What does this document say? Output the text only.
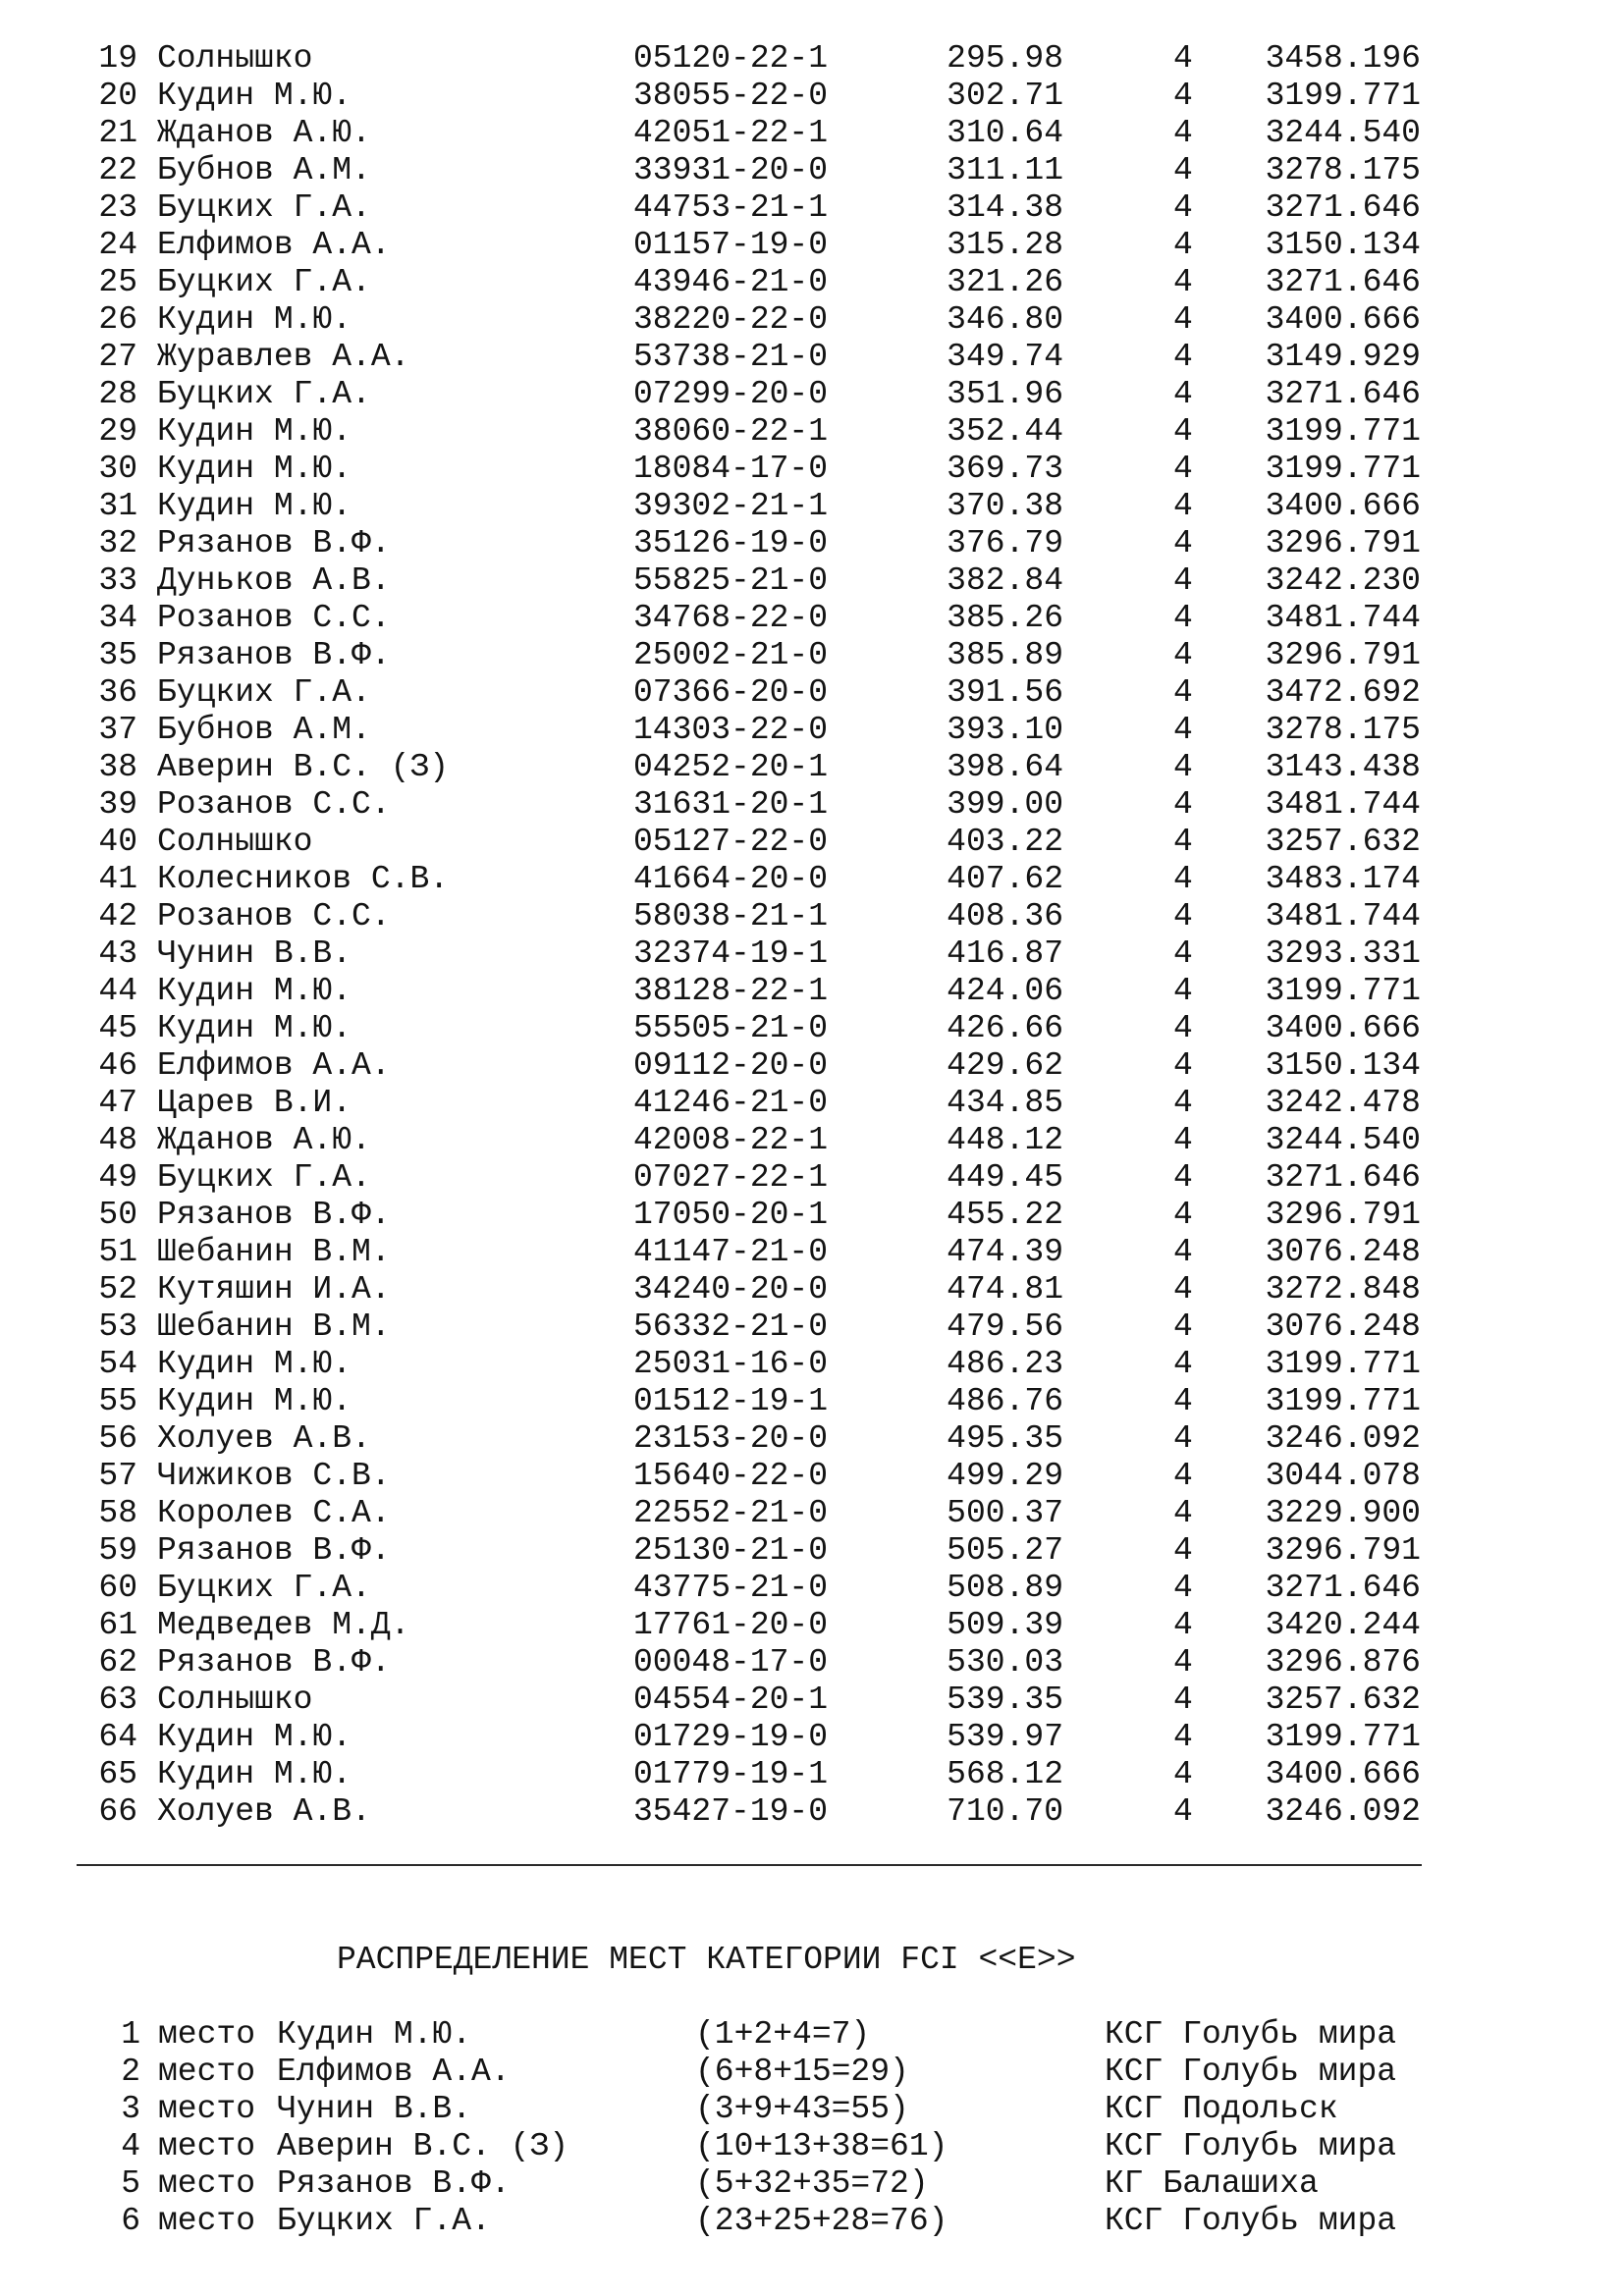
19 Солнышко	05120-22-1	295.98	4 3458.196
20 Кудин М.Ю.	38055-22-0	302.71	4 3199.771
21 Жданов А.Ю.	42051-22-1	310.64	4 3244.540
22 Бубнов А.М.	33931-20-0	311.11	4 3278.175
23 Буцких Г.А.	44753-21-1	314.38	4 3271.646
24 Елфимов А.А.	01157-19-0	315.28	4 3150.134
25 Буцких Г.А.	43946-21-0	321.26	4 3271.646
26 Кудин М.Ю.	38220-22-0	346.80	4 3400.666
27 Журавлев А.А.	53738-21-0	349.74	4 3149.929
28 Буцких Г.А.	07299-20-0	351.96	4 3271.646
29 Кудин М.Ю.	38060-22-1	352.44	4 3199.771
30 Кудин М.Ю.	18084-17-0	369.73	4 3199.771
31 Кудин М.Ю.	39302-21-1	370.38	4 3400.666
32 Рязанов В.Ф.	35126-19-0	376.79	4 3296.791
33 Дуньков А.В.	55825-21-0	382.84	4 3242.230
34 Розанов С.С.	34768-22-0	385.26	4 3481.744
35 Рязанов В.Ф.	25002-21-0	385.89	4 3296.791
36 Буцких Г.А.	07366-20-0	391.56	4 3472.692
37 Бубнов А.М.	14303-22-0	393.10	4 3278.175
38 Аверин В.С. (З)	04252-20-1	398.64	4 3143.438
39 Розанов С.С.	31631-20-1	399.00	4 3481.744
40 Солнышко	05127-22-0	403.22	4 3257.632
41 Колесников С.В.	41664-20-0	407.62	4 3483.174
42 Розанов С.С.	58038-21-1	408.36	4 3481.744
43 Чунин В.В.	32374-19-1	416.87	4 3293.331
44 Кудин М.Ю.	38128-22-1	424.06	4 3199.771
45 Кудин М.Ю.	55505-21-0	426.66	4 3400.666
46 Елфимов А.А.	09112-20-0	429.62	4 3150.134
47 Царев В.И.	41246-21-0	434.85	4 3242.478
48 Жданов А.Ю.	42008-22-1	448.12	4 3244.540
49 Буцких Г.А.	07027-22-1	449.45	4 3271.646
50 Рязанов В.Ф.	17050-20-1	455.22	4 3296.791
51 Шебанин В.М.	41147-21-0	474.39	4 3076.248
52 Кутяшин И.А.	34240-20-0	474.81	4 3272.848
53 Шебанин В.М.	56332-21-0	479.56	4 3076.248
54 Кудин М.Ю.	25031-16-0	486.23	4 3199.771
55 Кудин М.Ю.	01512-19-1	486.76	4 3199.771
56 Холуев А.В.	23153-20-0	495.35	4 3246.092
57 Чижиков С.В.	15640-22-0	499.29	4 3044.078
58 Королев С.А.	22552-21-0	500.37	4 3229.900
59 Рязанов В.Ф.	25130-21-0	505.27	4 3296.791
60 Буцких Г.А.	43775-21-0	508.89	4 3271.646
61 Медведев М.Д.	17761-20-0	509.39	4 3420.244
62 Рязанов В.Ф.	00048-17-0	530.03	4 3296.876
63 Солнышко	04554-20-1	539.35	4 3257.632
64 Кудин М.Ю.	01729-19-0	539.97	4 3199.771
65 Кудин М.Ю.	01779-19-1	568.12	4 3400.666
66 Холуев А.В.	35427-19-0	710.70	4 3246.092
РАСПРЕДЕЛЕНИЕ МЕСТ КАТЕГОРИИ FCI <<E>>
1 место Кудин М.Ю.	(1+2+4=7)	КСГ Голубь мира
2 место Елфимов А.А.	(6+8+15=29)	КСГ Голубь мира
3 место Чунин В.В.	(3+9+43=55)	КСГ Подольск
4 место Аверин В.С. (З)	(10+13+38=61)	КСГ Голубь мира
5 место Рязанов В.Ф.	(5+32+35=72)	КГ Балашиха
6 место Буцких Г.А.	(23+25+28=76)	КСГ Голубь мира
